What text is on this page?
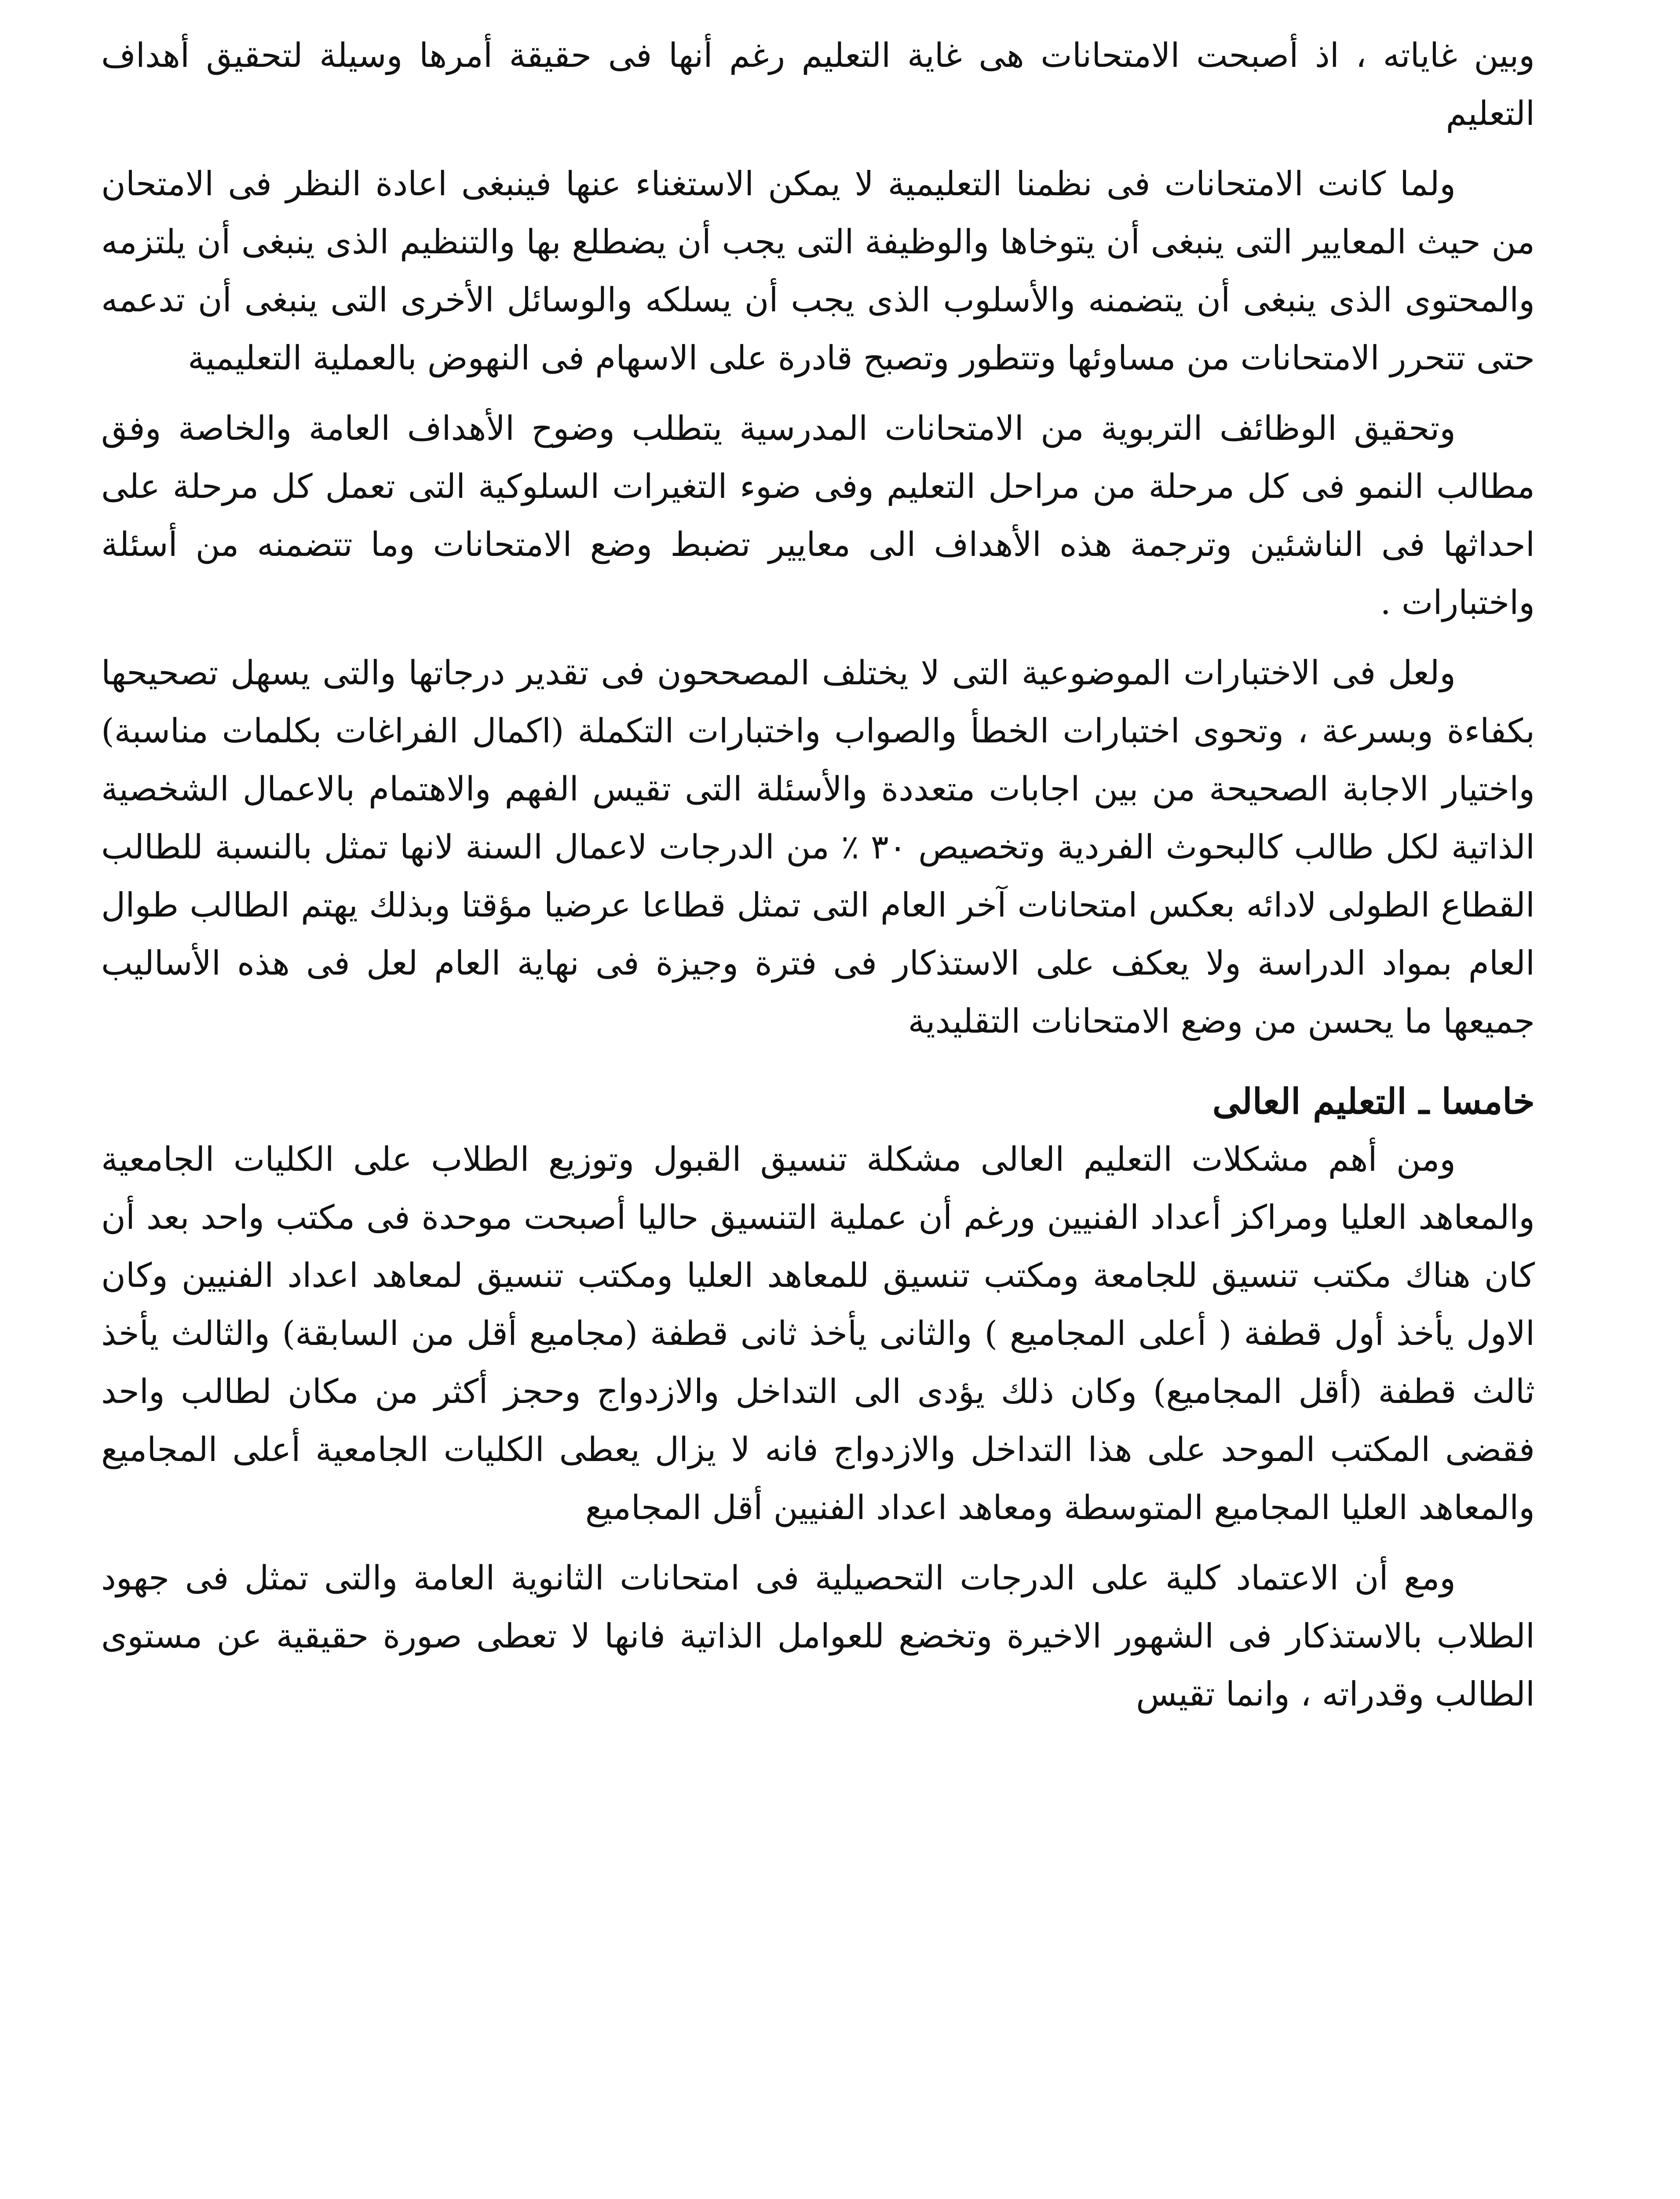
وبين غاياته ، اذ أصبحت الامتحانات هى غاية التعليم رغم أنها فى حقيقة أمرها وسيلة لتحقيق أهداف التعليم

ولما كانت الامتحانات فى نظمنا التعليمية لا يمكن الاستغناء عنها فينبغى اعادة النظر فى الامتحان من حيث المعايير التى ينبغى أن يتوخاها والوظيفة التى يجب أن يضطلع بها والتنظيم الذى ينبغى أن يلتزمه والمحتوى الذى ينبغى أن يتضمنه والأسلوب الذى يجب أن يسلكه والوسائل الأخرى التى ينبغى أن تدعمه حتى تتحرر الامتحانات من مساوئها وتتطور وتصبح قادرة على الاسهام فى النهوض بالعملية التعليمية

وتحقيق الوظائف التربوية من الامتحانات المدرسية يتطلب وضوح الأهداف العامة والخاصة وفق مطالب النمو فى كل مرحلة من مراحل التعليم وفى ضوء التغيرات السلوكية التى تعمل كل مرحلة على احداثها فى الناشئين وترجمة هذه الأهداف الى معايير تضبط وضع الامتحانات وما تتضمنه من أسئلة واختبارات .

ولعل فى الاختبارات الموضوعية التى لا يختلف المصححون فى تقدير درجاتها والتى يسهل تصحيحها بكفاءة وبسرعة ، وتحوى اختبارات الخطأ والصواب واختبارات التكملة (اكمال الفراغات بكلمات مناسبة) واختيار الاجابة الصحيحة من بين اجابات متعددة والأسئلة التى تقيس الفهم والاهتمام بالاعمال الشخصية الذاتية لكل طالب كالبحوث الفردية وتخصيص ٣٠ ٪ من الدرجات لاعمال السنة لانها تمثل بالنسبة للطالب القطاع الطولى لادائه بعكس امتحانات آخر العام التى تمثل قطاعا عرضيا مؤقتا وبذلك يهتم الطالب طوال العام بمواد الدراسة ولا يعكف على الاستذكار فى فترة وجيزة فى نهاية العام لعل فى هذه الأساليب جميعها ما يحسن من وضع الامتحانات التقليدية

خامسا ـ التعليم العالى

ومن أهم مشكلات التعليم العالى مشكلة تنسيق القبول وتوزيع الطلاب على الكليات الجامعية والمعاهد العليا ومراكز أعداد الفنيين ورغم أن عملية التنسيق حاليا أصبحت موحدة فى مكتب واحد بعد أن كان هناك مكتب تنسيق للجامعة ومكتب تنسيق للمعاهد العليا ومكتب تنسيق لمعاهد اعداد الفنيين وكان الاول يأخذ أول قطفة ( أعلى المجاميع ) والثانى يأخذ ثانى قطفة (مجاميع أقل من السابقة) والثالث يأخذ ثالث قطفة (أقل المجاميع) وكان ذلك يؤدى الى التداخل والازدواج وحجز أكثر من مكان لطالب واحد فقضى المكتب الموحد على هذا التداخل والازدواج فانه لا يزال يعطى الكليات الجامعية أعلى المجاميع والمعاهد العليا المجاميع المتوسطة ومعاهد اعداد الفنيين أقل المجاميع

ومع أن الاعتماد كلية على الدرجات التحصيلية فى امتحانات الثانوية العامة والتى تمثل فى جهود الطلاب بالاستذكار فى الشهور الاخيرة وتخضع للعوامل الذاتية فانها لا تعطى صورة حقيقية عن مستوى الطالب وقدراته ، وانما تقيس
